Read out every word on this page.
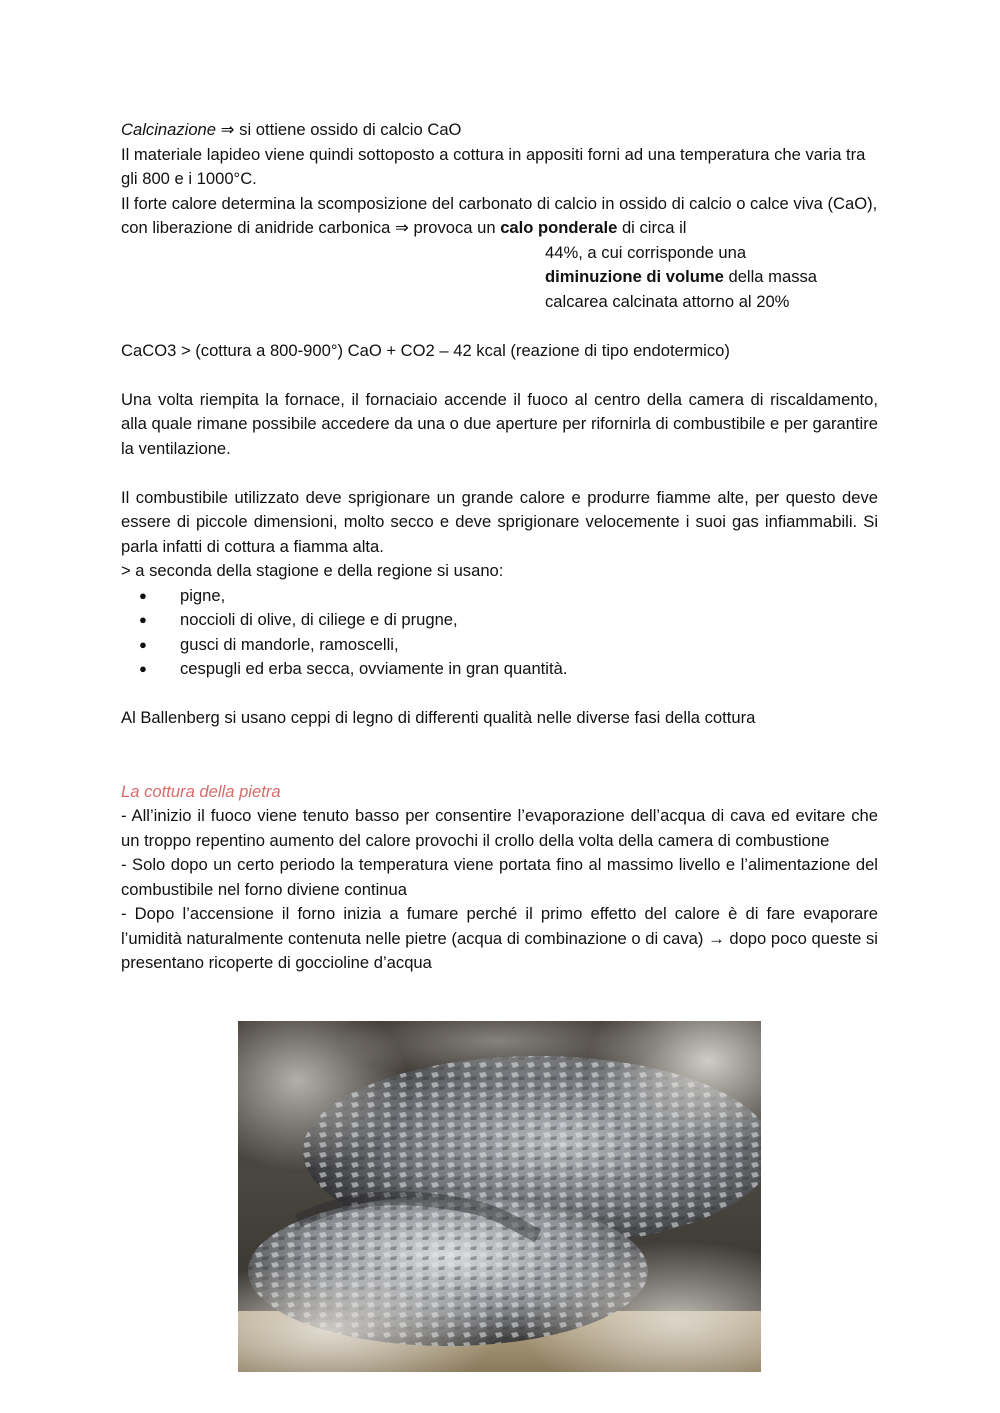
Calcinazione ⇒ si ottiene ossido di calcio CaO

Il materiale lapideo viene quindi sottoposto a cottura in appositi forni ad una temperatura che varia tra gli 800 e i 1000°C.

Il forte calore determina la scomposizione del carbonato di calcio in ossido di calcio o calce viva (CaO), con liberazione di anidride carbonica ⇒ provoca un calo ponderale di circa il

44%, a cui corrisponde una

diminuzione di volume della massa

calcarea calcinata attorno al 20%

CaCO3 > (cottura a 800-900°) CaO + CO2 – 42 kcal (reazione di tipo endotermico)

Una volta riempita la fornace, il fornaciaio accende il fuoco al centro della camera di riscaldamento, alla quale rimane possibile accedere da una o due aperture per rifornirla di combustibile e per garantire la ventilazione.

Il combustibile utilizzato deve sprigionare un grande calore e produrre fiamme alte, per questo deve essere di piccole dimensioni, molto secco e deve sprigionare velocemente i suoi gas infiammabili. Si parla infatti di cottura a fiamma alta.

> a seconda della stagione e della regione si usano:

● pigne,
● noccioli di olive, di ciliege e di prugne,
● gusci di mandorle, ramoscelli,
● cespugli ed erba secca, ovviamente in gran quantità.

Al Ballenberg si usano ceppi di legno di differenti qualità nelle diverse fasi della cottura

La cottura della pietra

- All’inizio il fuoco viene tenuto basso per consentire l’evaporazione dell’acqua di cava ed evitare che un troppo repentino aumento del calore provochi il crollo della volta della camera di combustione

- Solo dopo un certo periodo la temperatura viene portata fino al massimo livello e l’alimentazione del combustibile nel forno diviene continua

- Dopo l’accensione il forno inizia a fumare perché il primo effetto del calore è di fare evaporare l’umidità naturalmente contenuta nelle pietre (acqua di combinazione o di cava) → dopo poco queste si presentano ricoperte di goccioline d’acqua
